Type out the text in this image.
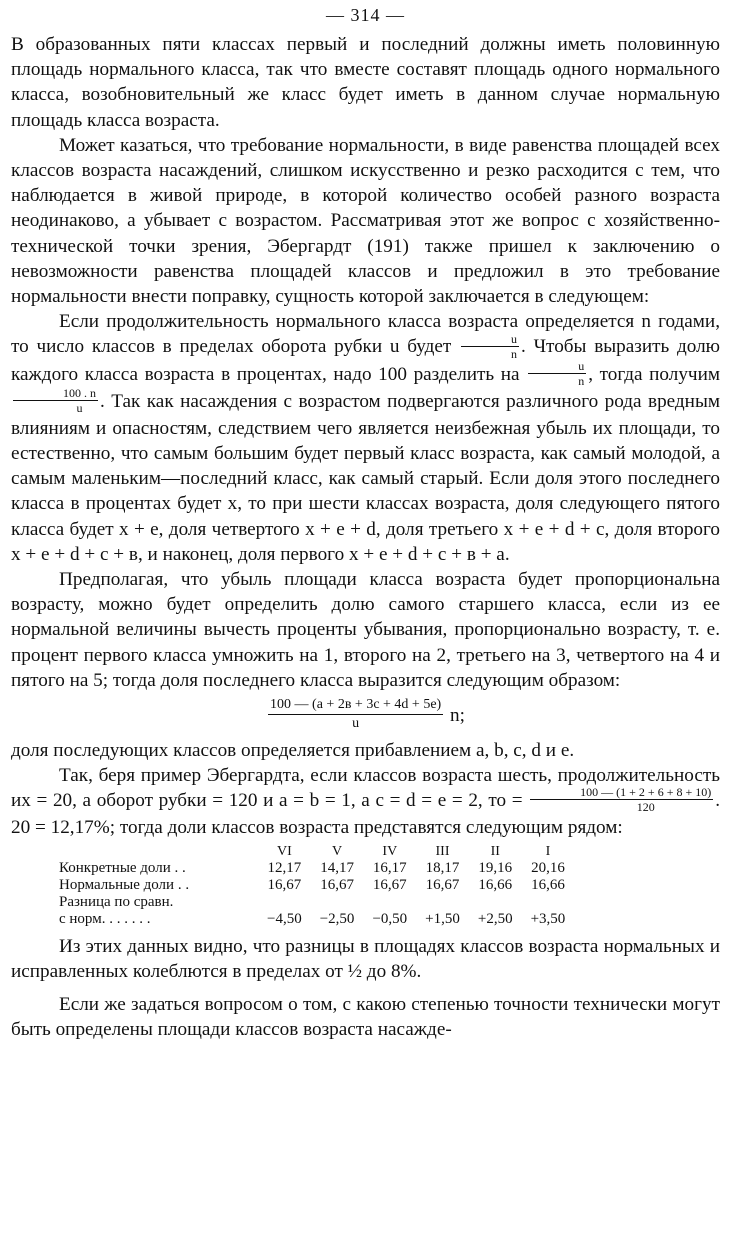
— 314 —

В образованных пяти классах первый и последний должны иметь половинную площадь нормального класса, так что вместе составят площадь одного нормального класса, возобновительный же класс будет иметь в данном случае нормальную площадь класса возраста.

Может казаться, что требование нормальности, в виде равенства площадей всех классов возраста насаждений, слишком искусственно и резко расходится с тем, что наблюдается в живой природе, в которой количество особей разного возраста неодинаково, а убывает с возрастом. Рассматривая этот же вопрос с хозяйственно-технической точки зрения, Эбергардт (191) также пришел к заключению о невозможности равенства площадей классов и предложил в это требование нормальности внести поправку, сущность которой заключается в следующем:

Если продолжительность нормального класса возраста определяется n годами, то число классов в пределах оборота рубки u будет $\frac{u}{n}$ . Чтобы выразить долю каждого класса возраста в процентах, надо 100 разделить на $\frac{u}{n}$ , тогда получим
$\frac{100 . n}{u}$ . Так как насаждения с возрастом подвергаются различного рода вредным влияниям и опасностям, следствием чего является неизбежная убыль их площади, то естественно, что самым большим будет первый класс возраста, как самый молодой, а самым маленьким—последний класс, как самый старый. Если доля этого последнего класса в процентах будет x, то при шести классах возраста, доля следующего пятого класса будет x + e, доля четвертого x + e + d, доля третьего x + e + d + c, доля второго x + e + d + c + в, и наконец, доля первого x + e + d + c + в + a.

Предполагая, что убыль площади класса возраста будет пропорциональна возрасту, можно будет определить долю самого старшего класса, если из ее нормальной величины вычесть проценты убывания, пропорционально возрасту, т. е. процент первого класса умножить на 1, второго на 2, третьего на 3, четвертого на 4 и пятого на 5; тогда доля последнего класса выразится следующим образом:

$\frac{100 — (a + 2в + 3c + 4d + 5e)}{u} n$;

доля последующих классов определяется прибавлением a, b, c, d и e.

Так, беря пример Эбергардта, если классов возраста шесть, продолжительность их = 20, а оборот рубки = 120 и a = b = 1, a c = d = e = 2, то = $\frac{100 — (1 + 2 + 6 + 8 + 10)}{120}$ . 20 = 12,17%; тогда доли классов возраста представятся следующим рядом:

	VI	V	IV	III	II	I
Конкретные доли . .	12,17	14,17	16,17	18,17	19,16	20,16
Нормальные доли . .	16,67	16,67	16,67	16,67	16,66	16,66
Разница по сравн.						
с норм. . . . . . .	−4,50	−2,50	−0,50	+1,50	+2,50	+3,50

Из этих данных видно, что разницы в площадях классов возраста нормальных и исправленных колеблются в пределах от ½ до 8%.

Если же задаться вопросом о том, с какою степенью точности технически могут быть определены площади классов возраста насажде-
